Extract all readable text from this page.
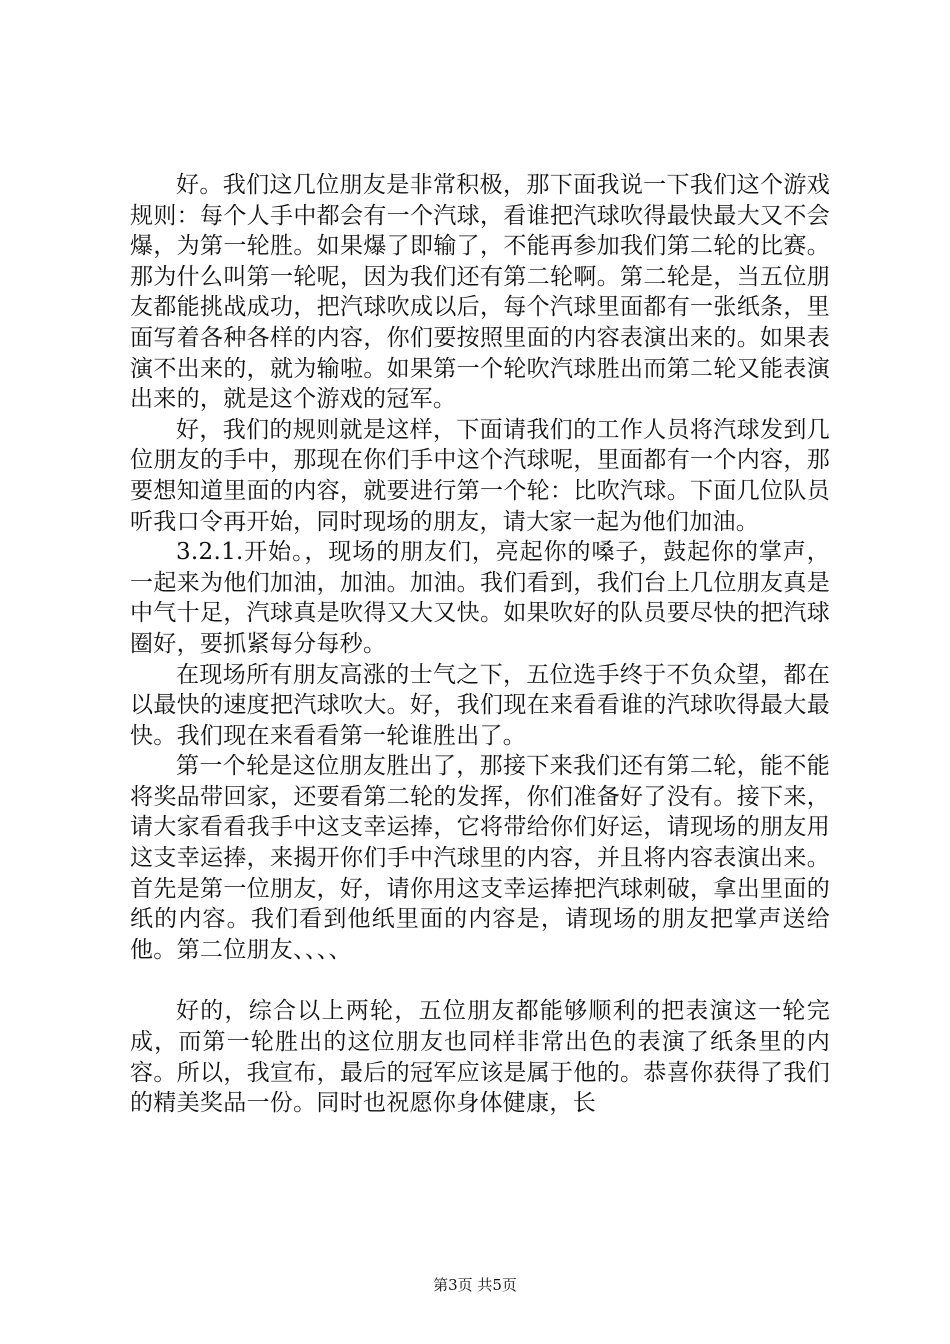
好。我们这几位朋友是非常积极，那下面我说一下我们这个游戏规则：每个人手中都会有一个汽球，看谁把汽球吹得最快最大又不会爆，为第一轮胜。如果爆了即输了，不能再参加我们第二轮的比赛。那为什么叫第一轮呢，因为我们还有第二轮啊。第二轮是，当五位朋友都能挑战成功，把汽球吹成以后，每个汽球里面都有一张纸条，里面写着各种各样的内容，你们要按照里面的内容表演出来的。如果表演不出来的，就为输啦。如果第一个轮吹汽球胜出而第二轮又能表演出来的，就是这个游戏的冠军。

好，我们的规则就是这样，下面请我们的工作人员将汽球发到几位朋友的手中，那现在你们手中这个汽球呢，里面都有一个内容，那要想知道里面的内容，就要进行第一个轮：比吹汽球。下面几位队员听我口令再开始，同时现场的朋友，请大家一起为他们加油。

3.2.1.开始。，现场的朋友们，亮起你的嗓子，鼓起你的掌声，一起来为他们加油，加油。加油。我们看到，我们台上几位朋友真是中气十足，汽球真是吹得又大又快。如果吹好的队员要尽快的把汽球圈好，要抓紧每分每秒。

在现场所有朋友高涨的士气之下，五位选手终于不负众望，都在以最快的速度把汽球吹大。好，我们现在来看看谁的汽球吹得最大最快。我们现在来看看第一轮谁胜出了。

第一个轮是这位朋友胜出了，那接下来我们还有第二轮，能不能将奖品带回家，还要看第二轮的发挥，你们准备好了没有。接下来，请大家看看我手中这支幸运捧，它将带给你们好运，请现场的朋友用这支幸运捧，来揭开你们手中汽球里的内容，并且将内容表演出来。首先是第一位朋友，好，请你用这支幸运捧把汽球刺破，拿出里面的纸的内容。我们看到他纸里面的内容是，请现场的朋友把掌声送给他。第二位朋友、、、、

好的，综合以上两轮，五位朋友都能够顺利的把表演这一轮完成，而第一轮胜出的这位朋友也同样非常出色的表演了纸条里的内容。所以，我宣布，最后的冠军应该是属于他的。恭喜你获得了我们的精美奖品一份。同时也祝愿你身体健康，长

第3页 共5页
